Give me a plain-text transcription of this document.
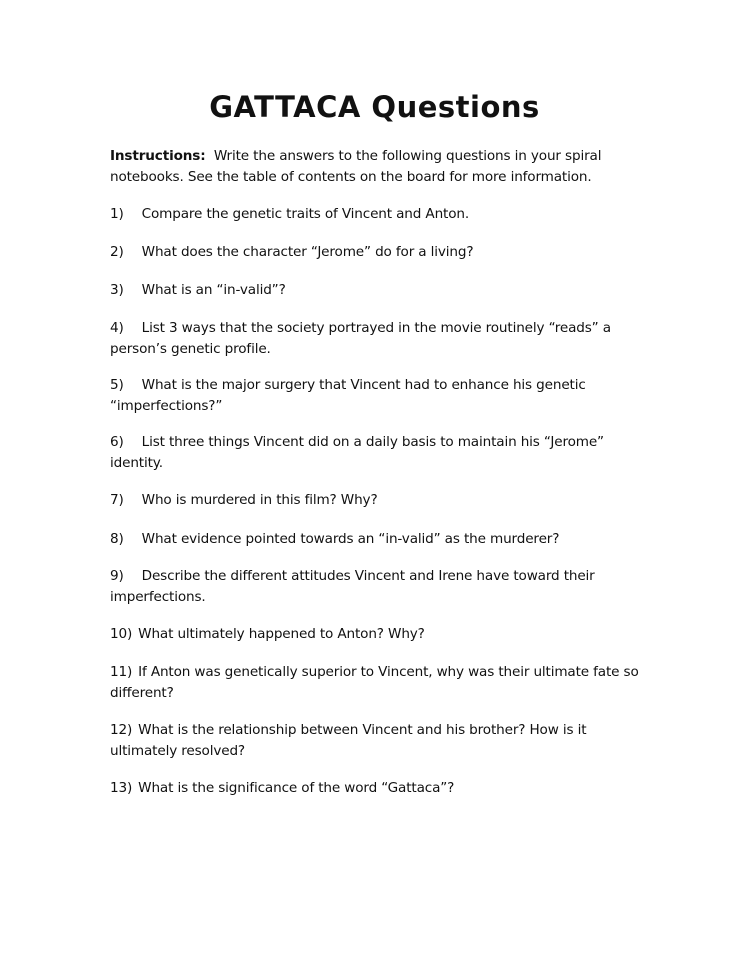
GATTACA Questions
Instructions: Write the answers to the following questions in your spiral notebooks. See the table of contents on the board for more information.
1) Compare the genetic traits of Vincent and Anton.
2) What does the character “Jerome” do for a living?
3) What is an “in-valid”?
4) List 3 ways that the society portrayed in the movie routinely “reads” a person’s genetic profile.
5) What is the major surgery that Vincent had to enhance his genetic “imperfections?”
6) List three things Vincent did on a daily basis to maintain his “Jerome” identity.
7) Who is murdered in this film? Why?
8) What evidence pointed towards an “in-valid” as the murderer?
9) Describe the different attitudes Vincent and Irene have toward their imperfections.
10) What ultimately happened to Anton? Why?
11) If Anton was genetically superior to Vincent, why was their ultimate fate so different?
12) What is the relationship between Vincent and his brother? How is it ultimately resolved?
13) What is the significance of the word “Gattaca”?
